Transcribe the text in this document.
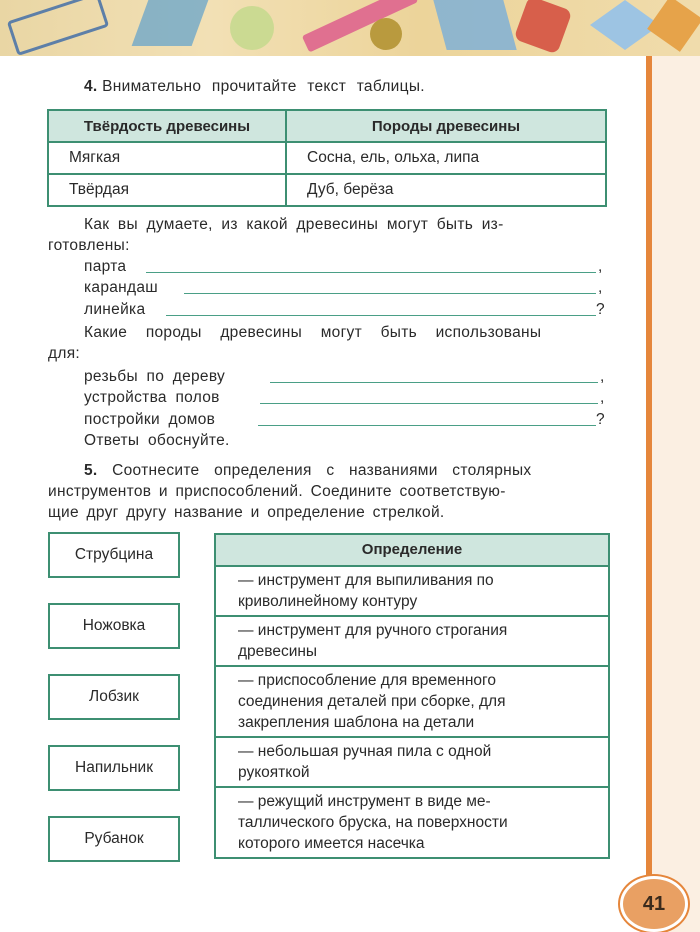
4. Внимательно прочитайте текст таблицы.
Твёрдость древесины	Породы древесины
Мягкая	Сосна, ель, ольха, липа
Твёрдая	Дуб, берёза
Как вы думаете, из какой древесины могут быть из-
готовлены:
парта	,
карандаш	,
линейка	?
Какие породы древесины могут быть использованы
для:
резьбы по дереву	,
устройства полов	,
постройки домов	?
Ответы обоснуйте.
5. Соотнесите определения с названиями столярных
инструментов и приспособлений. Соедините соответствую-
щие друг другу название и определение стрелкой.
Струбцина
Ножовка
Лобзик
Напильник
Рубанок
Определение
— инструмент для выпиливания по
криволинейному контуру
— инструмент для ручного строгания
древесины
— приспособление для временного
соединения деталей при сборке, для
закрепления шаблона на детали
— небольшая ручная пила с одной
рукояткой
— режущий инструмент в виде ме-
таллического бруска, на поверхности
которого имеется насечка
41
